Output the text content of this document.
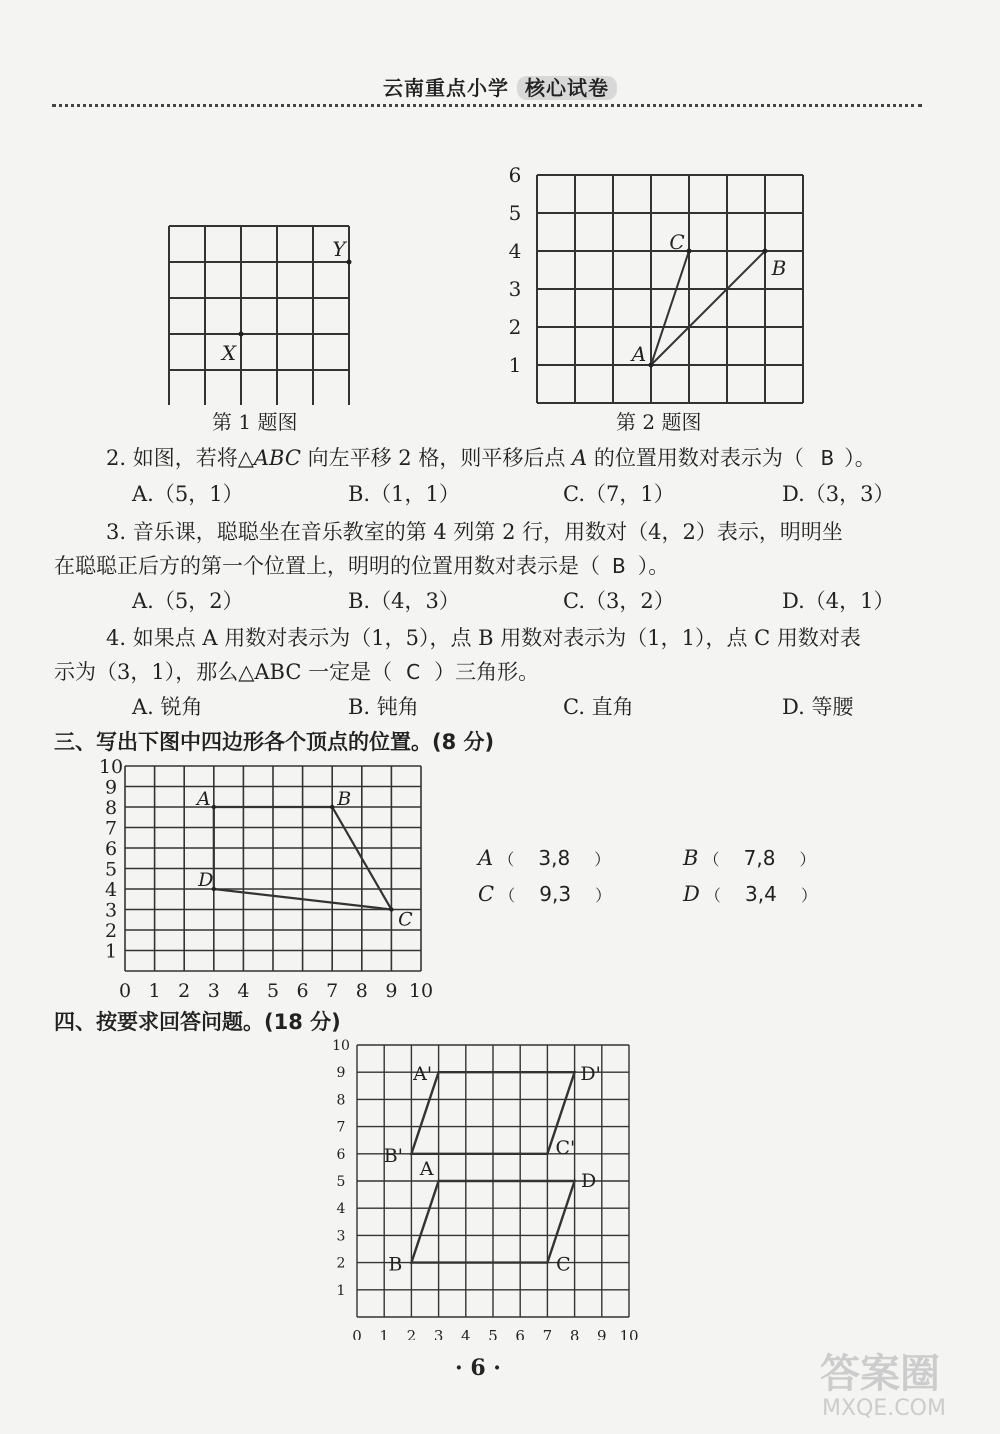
云南重点小学 核心试卷
X
Y
第 1 题图
1
2
3
4
5
6
A
B
C
第 2 题图
2. 如图，若将△ABC 向左平移 2 格，则平移后点 A 的位置用数对表示为（ B ）。
A.（5，1）	B.（1，1）	C.（7，1）	D.（3，3）
3. 音乐课，聪聪坐在音乐教室的第 4 列第 2 行，用数对（4，2）表示，明明坐
在聪聪正后方的第一个位置上，明明的位置用数对表示是（ B ）。
A.（5，2）	B.（4，3）	C.（3，2）	D.（4，1）
4. 如果点 A 用数对表示为（1，5），点 B 用数对表示为（1，1），点 C 用数对表
示为（3，1），那么△ABC 一定是（ C ）三角形。
A. 锐角	B. 钝角	C. 直角	D. 等腰
三、写出下图中四边形各个顶点的位置。(8 分)
0 1 2 3 4 5 6 7 8 9 10
1
2
3
4
5
6
7
8
9
10
A	B
C
D
A （ 3,8 ）	B （ 7,8 ）
C （ 9,3 ）	D （ 3,4 ）
四、按要求回答问题。(18 分)
0 1 2 3 4 5 6 7 8 9 10
1
2
3
4
5
6
7
8
9
10
A
D
C
B
A'	D'
C'
B'
· 6 ·	答案圈
MXQE.COM
